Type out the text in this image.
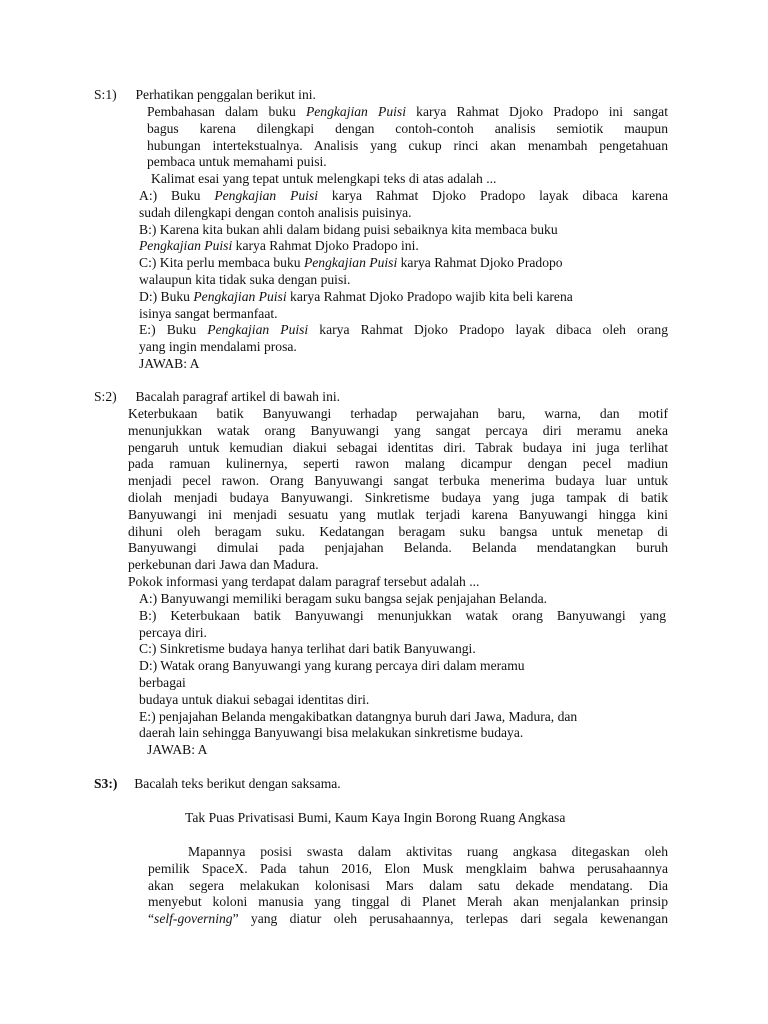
S:1) Perhatikan penggalan berikut ini.
Pembahasan dalam buku Pengkajian Puisi karya Rahmat Djoko Pradopo ini sangat
bagus karena dilengkapi dengan contoh-contoh analisis semiotik maupun
hubungan intertekstualnya. Analisis yang cukup rinci akan menambah pengetahuan
pembaca untuk memahami puisi.
Kalimat esai yang tepat untuk melengkapi teks di atas adalah ...
A:) Buku Pengkajian Puisi karya Rahmat Djoko Pradopo layak dibaca karena
sudah dilengkapi dengan contoh analisis puisinya.
B:) Karena kita bukan ahli dalam bidang puisi sebaiknya kita membaca buku
Pengkajian Puisi karya Rahmat Djoko Pradopo ini.
C:) Kita perlu membaca buku Pengkajian Puisi karya Rahmat Djoko Pradopo
walaupun kita tidak suka dengan puisi.
D:) Buku Pengkajian Puisi karya Rahmat Djoko Pradopo wajib kita beli karena
isinya sangat bermanfaat.
E:) Buku Pengkajian Puisi karya Rahmat Djoko Pradopo layak dibaca oleh orang
yang ingin mendalami prosa.
JAWAB: A
S:2) Bacalah paragraf artikel di bawah ini.
Keterbukaan batik Banyuwangi terhadap perwajahan baru, warna, dan motif
menunjukkan watak orang Banyuwangi yang sangat percaya diri meramu aneka
pengaruh untuk kemudian diakui sebagai identitas diri. Tabrak budaya ini juga terlihat
pada ramuan kulinernya, seperti rawon malang dicampur dengan pecel madiun
menjadi pecel rawon. Orang Banyuwangi sangat terbuka menerima budaya luar untuk
diolah menjadi budaya Banyuwangi. Sinkretisme budaya yang juga tampak di batik
Banyuwangi ini menjadi sesuatu yang mutlak terjadi karena Banyuwangi hingga kini
dihuni oleh beragam suku. Kedatangan beragam suku bangsa untuk menetap di
Banyuwangi dimulai pada penjajahan Belanda. Belanda mendatangkan buruh
perkebunan dari Jawa dan Madura.
Pokok informasi yang terdapat dalam paragraf tersebut adalah ...
A:) Banyuwangi memiliki beragam suku bangsa sejak penjajahan Belanda.
B:) Keterbukaan batik Banyuwangi menunjukkan watak orang Banyuwangi yang
percaya diri.
C:) Sinkretisme budaya hanya terlihat dari batik Banyuwangi.
D:) Watak orang Banyuwangi yang kurang percaya diri dalam meramu
berbagai
budaya untuk diakui sebagai identitas diri.
E:) penjajahan Belanda mengakibatkan datangnya buruh dari Jawa, Madura, dan
daerah lain sehingga Banyuwangi bisa melakukan sinkretisme budaya.
JAWAB: A
S3:) Bacalah teks berikut dengan saksama.
Tak Puas Privatisasi Bumi, Kaum Kaya Ingin Borong Ruang Angkasa
Mapannya posisi swasta dalam aktivitas ruang angkasa ditegaskan oleh
pemilik SpaceX. Pada tahun 2016, Elon Musk mengklaim bahwa perusahaannya
akan segera melakukan kolonisasi Mars dalam satu dekade mendatang. Dia
menyebut koloni manusia yang tinggal di Planet Merah akan menjalankan prinsip
“self-governing” yang diatur oleh perusahaannya, terlepas dari segala kewenangan
